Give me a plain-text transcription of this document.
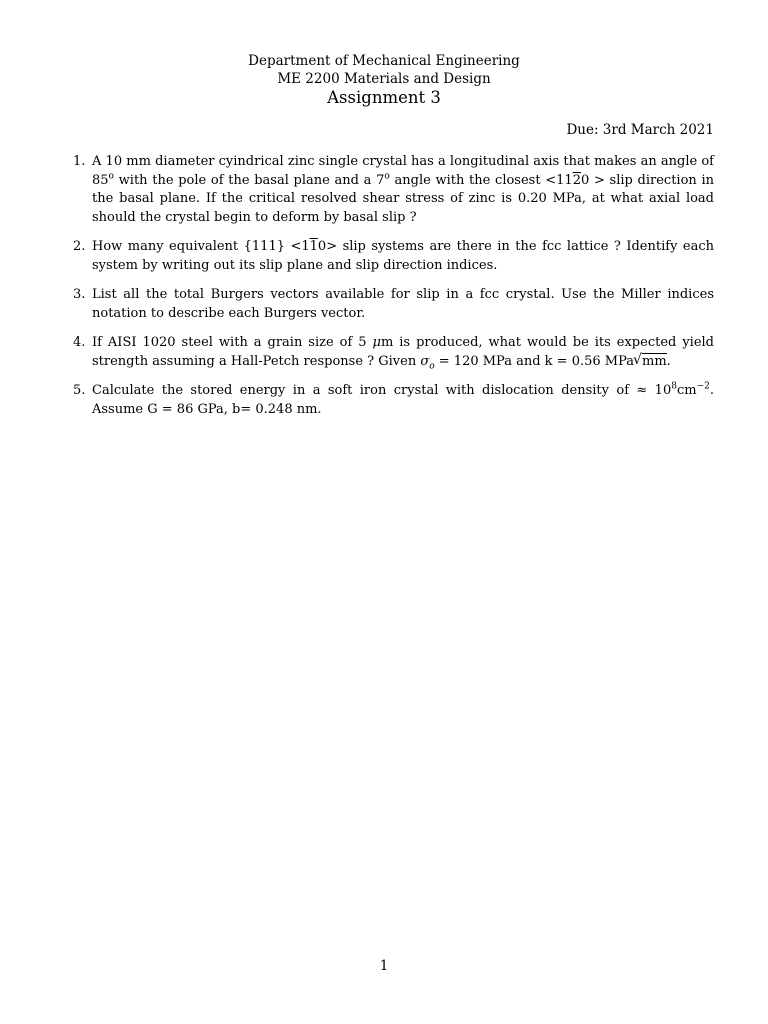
Department of Mechanical Engineering
ME 2200 Materials and Design
Assignment 3
Due: 3rd March 2021
1. A 10 mm diameter cyindrical zinc single crystal has a longitudinal axis that makes an angle of 85$^o$ with the pole of the basal plane and a 7$^o$ angle with the closest <1120 > slip direction in the basal plane. If the critical resolved shear stress of zinc is 0.20 MPa, at what axial load should the crystal begin to deform by basal slip ?
2. How many equivalent {111} <110> slip systems are there in the fcc lattice ? Identify each system by writing out its slip plane and slip direction indices.
3. List all the total Burgers vectors available for slip in a fcc crystal. Use the Miller indices notation to describe each Burgers vector.
4. If AISI 1020 steel with a grain size of 5 μm is produced, what would be its expected yield strength assuming a Hall-Petch response ? Given $\sigma_o = 120$ MPa and k = 0.56 MPa √ mm.
5. Calculate the stored energy in a soft iron crystal with dislocation density of ≈ $10^8cm^{-2}$. Assume G = 86 GPa, b= 0.248 nm.
1
